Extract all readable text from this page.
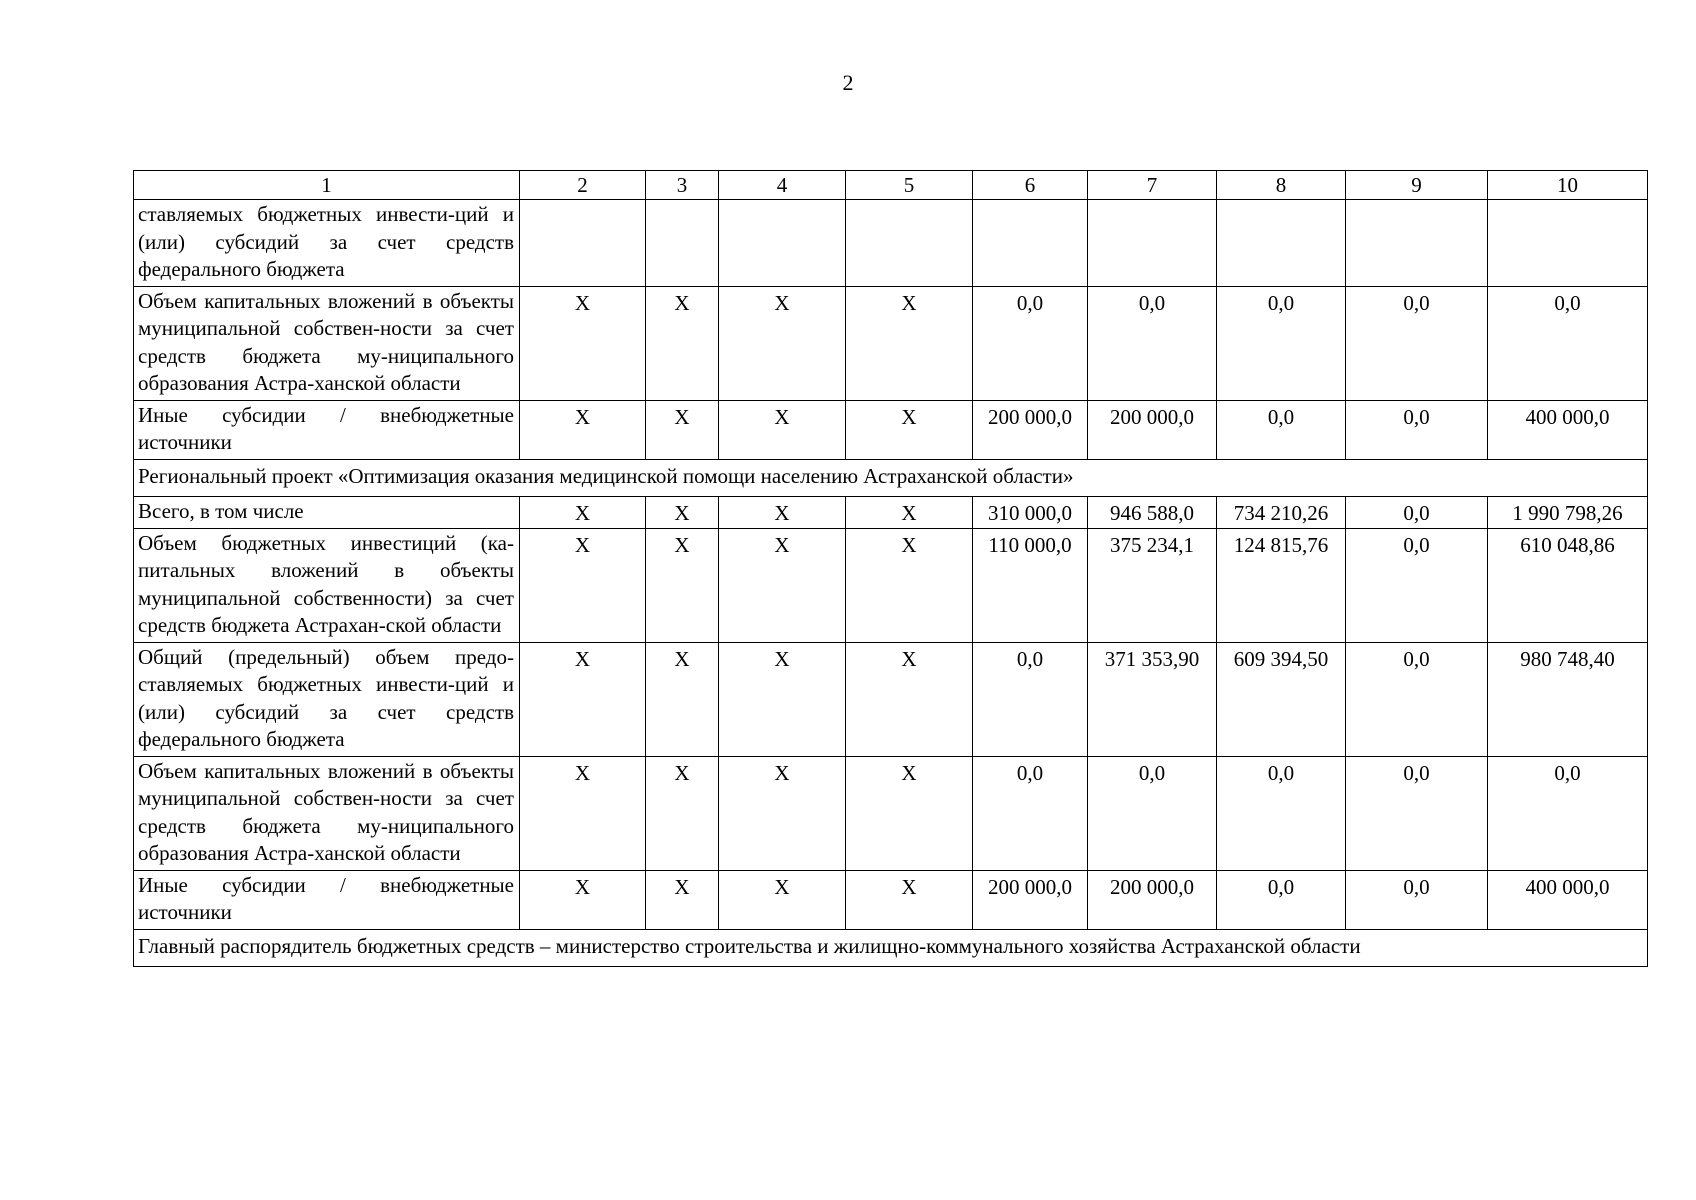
2
1	2	3	4	5	6	7	8	9	10
ставляемых бюджетных инвести-ций и (или) субсидий за счет средств федерального бюджета									
Объем капитальных вложений в объекты муниципальной собствен-ности за счет средств бюджета му-ниципального образования Астра-ханской области	X	X	X	X	0,0	0,0	0,0	0,0	0,0
Иные субсидии / внебюджетные источники	X	X	X	X	200 000,0	200 000,0	0,0	0,0	400 000,0
Региональный проект «Оптимизация оказания медицинской помощи населению Астраханской области»									
Всего, в том числе	X	X	X	X	310 000,0	946 588,0	734 210,26	0,0	1 990 798,26
Объем бюджетных инвестиций (ка-питальных вложений в объекты муниципальной собственности) за счет средств бюджета Астрахан-ской области	X	X	X	X	110 000,0	375 234,1	124 815,76	0,0	610 048,86
Общий (предельный) объем предо-ставляемых бюджетных инвести-ций и (или) субсидий за счет средств федерального бюджета	X	X	X	X	0,0	371 353,90	609 394,50	0,0	980 748,40
Объем капитальных вложений в объекты муниципальной собствен-ности за счет средств бюджета му-ниципального образования Астра-ханской области	X	X	X	X	0,0	0,0	0,0	0,0	0,0
Иные субсидии / внебюджетные источники	X	X	X	X	200 000,0	200 000,0	0,0	0,0	400 000,0
Главный распорядитель бюджетных средств – министерство строительства и жилищно-коммунального хозяйства Астраханской области									
